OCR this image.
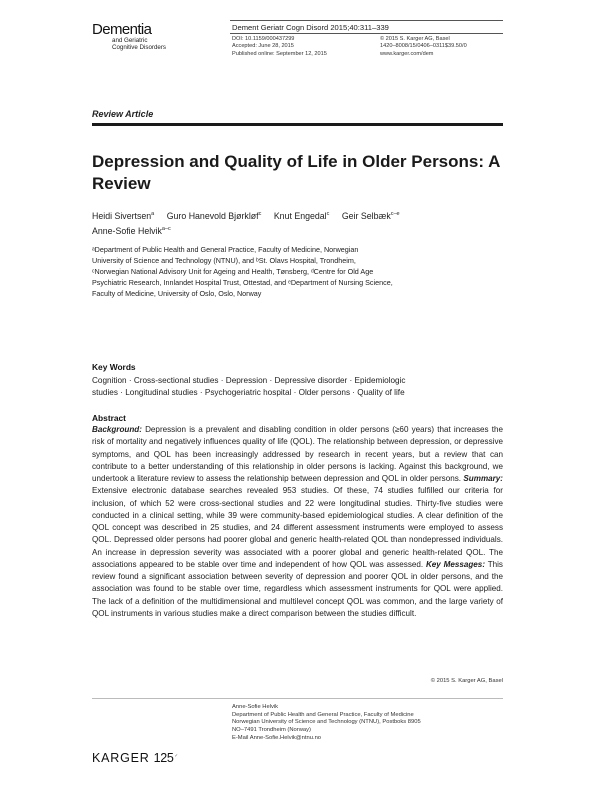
Dementia
and Geriatric
Cognitive Disorders
Dement Geriatr Cogn Disord 2015;40:311–339
DOI: 10.1159/000437299
Accepted: June 28, 2015
Published online: September 12, 2015
© 2015 S. Karger AG, Basel
1420–8008/15/0406–0311$39.50/0
www.karger.com/dem
Review Article
Depression and Quality of Life in Older Persons: A Review
Heidi Sivertsen$^a$ Guro Hanevold Bjørkløf$^c$ Knut Engedal$^c$ Geir Selbæk$^{c-e}$
Anne-Sofie Helvik$^{a-c}$
ᵃDepartment of Public Health and General Practice, Faculty of Medicine, Norwegian
University of Science and Technology (NTNU), and ᵇSt. Olavs Hospital, Trondheim,
ᶜNorwegian National Advisory Unit for Ageing and Health, Tønsberg, ᵈCentre for Old Age
Psychiatric Research, Innlandet Hospital Trust, Ottestad, and ᵉDepartment of Nursing Science,
Faculty of Medicine, University of Oslo, Oslo, Norway
Key Words
Cognition · Cross-sectional studies · Depression · Depressive disorder · Epidemiologic
studies · Longitudinal studies · Psychogeriatric hospital · Older persons · Quality of life
Abstract
Background: Depression is a prevalent and disabling condition in older persons (≥60 years) that increases the risk of mortality and negatively influences quality of life (QOL). The relationship between depression, or depressive symptoms, and QOL has been increasingly addressed by research in recent years, but a review that can contribute to a better understanding of this relationship in older persons is lacking. Against this background, we undertook a literature review to assess the relationship between depression and QOL in older persons. Summary: Extensive electronic database searches revealed 953 studies. Of these, 74 studies fulfilled our criteria for inclusion, of which 52 were cross-sectional studies and 22 were longitudinal studies. Thirty-five studies were conducted in a clinical setting, while 39 were community-based epidemiological studies. A clear definition of the QOL concept was described in 25 studies, and 24 different assessment instruments were employed to assess QOL. Depressed older persons had poorer global and generic health-related QOL than nondepressed individuals. An increase in depression severity was associated with a poorer global and generic health-related QOL. The associations appeared to be stable over time and independent of how QOL was assessed. Key Messages: This review found a significant association between severity of depression and poorer QOL in older persons, and the association was found to be stable over time, regardless which assessment instruments for QOL were applied. The lack of a definition of the multidimensional and multilevel concept QOL was common, and the large variety of QOL instruments in various studies make a direct comparison between the studies difficult.
© 2015 S. Karger AG, Basel
Anne-Sofie Helvik
Department of Public Health and General Practice, Faculty of Medicine
Norwegian University of Science and Technology (NTNU), Postboks 8905
NO–7491 Trondheim (Norway)
E-Mail Anne-Sofie.Helvik@ntnu.no
KARGER 125 ⸝
